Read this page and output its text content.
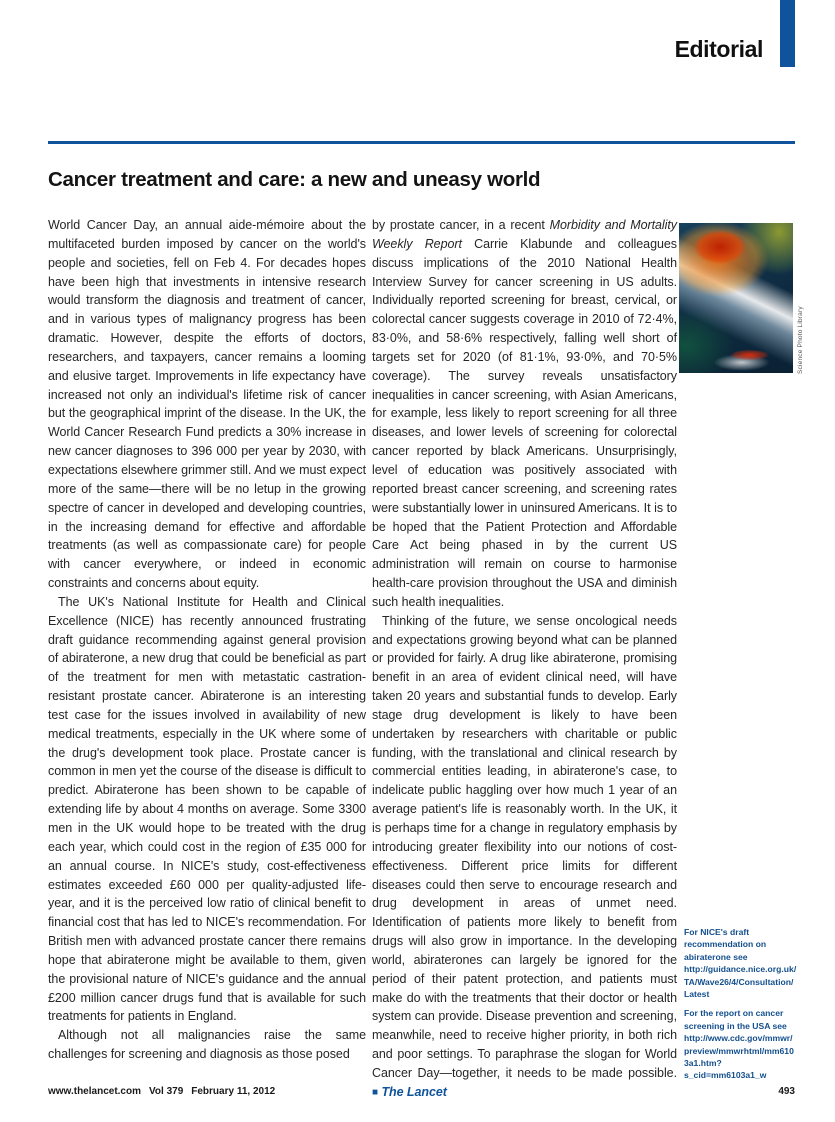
Editorial
Cancer treatment and care: a new and uneasy world

World Cancer Day, an annual aide-mémoire about the multifaceted burden imposed by cancer on the world's people and societies, fell on Feb 4. For decades hopes have been high that investments in intensive research would transform the diagnosis and treatment of cancer, and in various types of malignancy progress has been dramatic. However, despite the efforts of doctors, researchers, and taxpayers, cancer remains a looming and elusive target. Improvements in life expectancy have increased not only an individual's lifetime risk of cancer but the geographical imprint of the disease. In the UK, the World Cancer Research Fund predicts a 30% increase in new cancer diagnoses to 396 000 per year by 2030, with expectations elsewhere grimmer still. And we must expect more of the same—there will be no letup in the growing spectre of cancer in developed and developing countries, in the increasing demand for effective and affordable treatments (as well as compassionate care) for people with cancer everywhere, or indeed in economic constraints and concerns about equity.

The UK's National Institute for Health and Clinical Excellence (NICE) has recently announced frustrating draft guidance recommending against general provision of abiraterone, a new drug that could be beneficial as part of the treatment for men with metastatic castration-resistant prostate cancer. Abiraterone is an interesting test case for the issues involved in availability of new medical treatments, especially in the UK where some of the drug's development took place. Prostate cancer is common in men yet the course of the disease is difficult to predict. Abiraterone has been shown to be capable of extending life by about 4 months on average. Some 3300 men in the UK would hope to be treated with the drug each year, which could cost in the region of £35 000 for an annual course. In NICE's study, cost-effectiveness estimates exceeded £60 000 per quality-adjusted life-year, and it is the perceived low ratio of clinical benefit to financial cost that has led to NICE's recommendation. For British men with advanced prostate cancer there remains hope that abiraterone might be available to them, given the provisional nature of NICE's guidance and the annual £200 million cancer drugs fund that is available for such treatments for patients in England.

Although not all malignancies raise the same challenges for screening and diagnosis as those posed

by prostate cancer, in a recent Morbidity and Mortality Weekly Report Carrie Klabunde and colleagues discuss implications of the 2010 National Health Interview Survey for cancer screening in US adults. Individually reported screening for breast, cervical, or colorectal cancer suggests coverage in 2010 of 72·4%, 83·0%, and 58·6% respectively, falling well short of targets set for 2020 (of 81·1%, 93·0%, and 70·5% coverage). The survey reveals unsatisfactory inequalities in cancer screening, with Asian Americans, for example, less likely to report screening for all three diseases, and lower levels of screening for colorectal cancer reported by black Americans. Unsurprisingly, level of education was positively associated with reported breast cancer screening, and screening rates were substantially lower in uninsured Americans. It is to be hoped that the Patient Protection and Affordable Care Act being phased in by the current US administration will remain on course to harmonise health-care provision throughout the USA and diminish such health inequalities.

Thinking of the future, we sense oncological needs and expectations growing beyond what can be planned or provided for fairly. A drug like abiraterone, promising benefit in an area of evident clinical need, will have taken 20 years and substantial funds to develop. Early stage drug development is likely to have been undertaken by researchers with charitable or public funding, with the translational and clinical research by commercial entities leading, in abiraterone's case, to indelicate public haggling over how much 1 year of an average patient's life is reasonably worth. In the UK, it is perhaps time for a change in regulatory emphasis by introducing greater flexibility into our notions of cost-effectiveness. Different price limits for different diseases could then serve to encourage research and drug development in areas of unmet need. Identification of patients more likely to benefit from drugs will also grow in importance. In the developing world, abiraterones can largely be ignored for the period of their patent protection, and patients must make do with the treatments that their doctor or health system can provide. Disease prevention and screening, meanwhile, need to receive higher priority, in both rich and poor settings. To paraphrase the slogan for World Cancer Day—together, it needs to be made possible. ■ The Lancet

Science Photo Library
For NICE's draft recommendation on abiraterone see http://guidance.nice.org.uk/TA/Wave26/4/Consultation/Latest
For the report on cancer screening in the USA see http://www.cdc.gov/mmwr/preview/mmwrhtml/mm6103a1.htm?s_cid=mm6103a1_w
www.thelancet.com Vol 379 February 11, 2012	493
